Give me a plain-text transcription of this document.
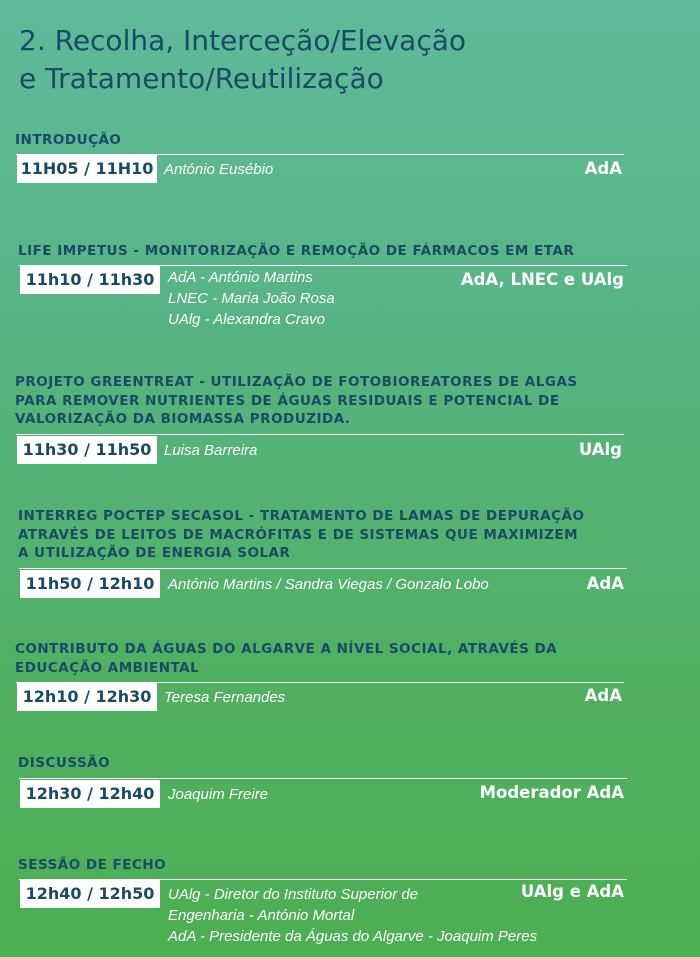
2. Recolha, Interceção/Elevação
e Tratamento/Reutilização
INTRODUÇÃO
11H05 / 11H10 António Eusébio	AdA
LIFE IMPETUS - MONITORIZAÇÃO E REMOÇÃO DE FÁRMACOS EM ETAR
11h10 / 11h30 AdA - António Martins
LNEC - Maria João Rosa
UAlg - Alexandra Cravo
AdA, LNEC e UAlg
PROJETO GREENTREAT - UTILIZAÇÃO DE FOTOBIOREATORES DE ALGAS
PARA REMOVER NUTRIENTES DE ÁGUAS RESIDUAIS E POTENCIAL DE
VALORIZAÇÃO DA BIOMASSA PRODUZIDA.
11h30 / 11h50 Luisa Barreira	UAlg
INTERREG POCTEP SECASOL - TRATAMENTO DE LAMAS DE DEPURAÇÃO
ATRAVÉS DE LEITOS DE MACRÓFITAS E DE SISTEMAS QUE MAXIMIZEM
A UTILIZAÇÃO DE ENERGIA SOLAR
11h50 / 12h10 António Martins / Sandra Viegas / Gonzalo Lobo	AdA
CONTRIBUTO DA ÁGUAS DO ALGARVE A NÍVEL SOCIAL, ATRAVÉS DA
EDUCAÇÃO AMBIENTAL
12h10 / 12h30 Teresa Fernandes	AdA
DISCUSSÃO
12h30 / 12h40 Joaquim Freire	Moderador AdA
SESSÃO DE FECHO
12h40 / 12h50 UAlg - Diretor do Instituto Superior de
Engenharia - António Mortal
AdA - Presidente da Águas do Algarve - Joaquim Peres
UAlg e AdA
